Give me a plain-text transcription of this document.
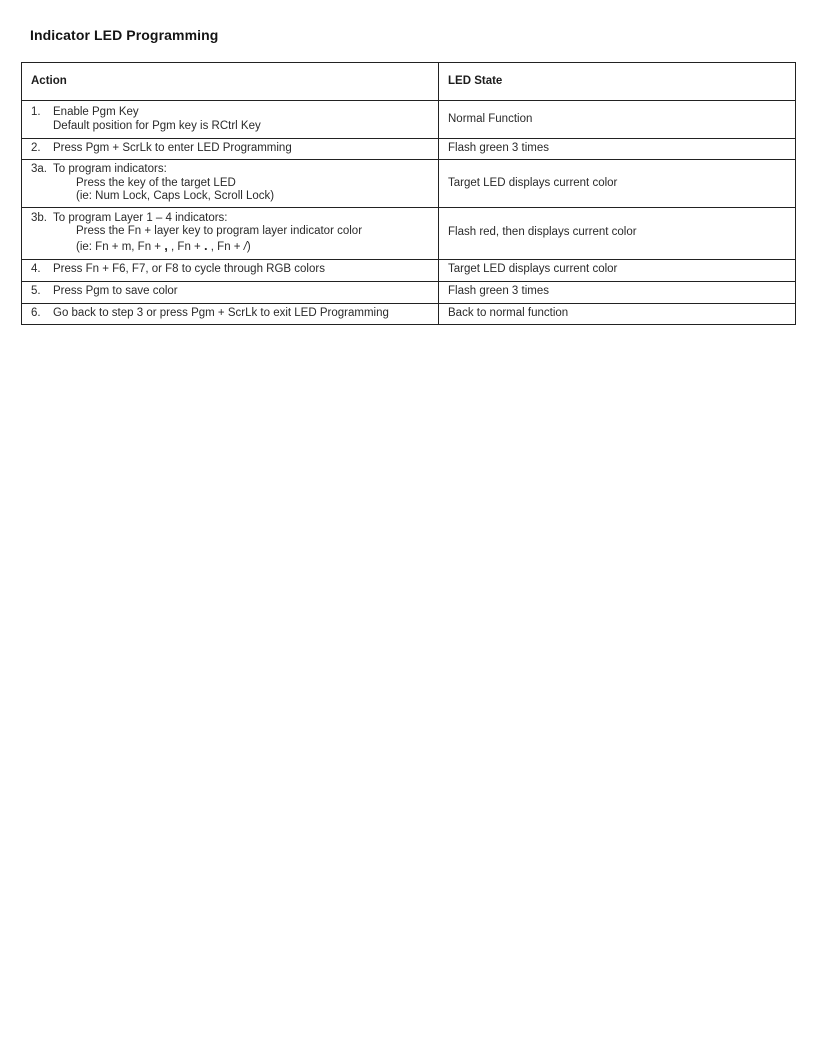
Indicator LED Programming
Action	LED State

1. Enable Pgm Key
Default position for Pgm key is RCtrl Key	Normal Function

2. Press Pgm + ScrLk to enter LED Programming	Flash green 3 times

3a. To program indicators:
Press the key of the target LED
(ie: Num Lock, Caps Lock, Scroll Lock)	Target LED displays current color

3b. To program Layer 1 – 4 indicators:
Press the Fn + layer key to program layer indicator color
(ie: Fn + m, Fn + , , Fn + . , Fn + /)	Flash red, then displays current color

4. Press Fn + F6, F7, or F8 to cycle through RGB colors	Target LED displays current color

5. Press Pgm to save color	Flash green 3 times

6. Go back to step 3 or press Pgm + ScrLk to exit LED Programming	Back to normal function
